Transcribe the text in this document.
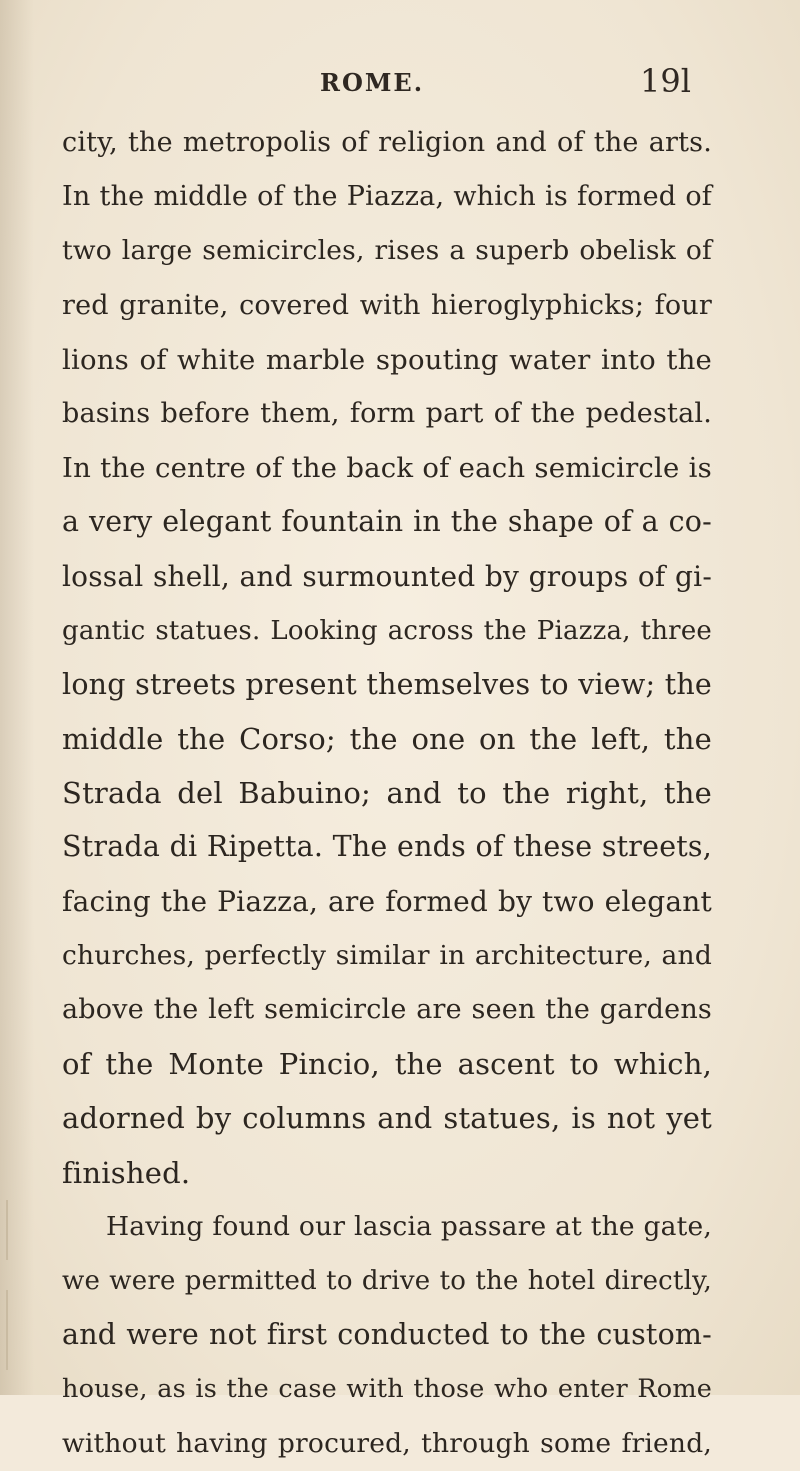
ROME.	19l
city, the metropolis of religion and of the arts.
In the middle of the Piazza, which is formed of
two large semicircles, rises a superb obelisk of
red granite, covered with hieroglyphicks; four
lions of white marble spouting water into the
basins before them, form part of the pedestal.
In the centre of the back of each semicircle is
a very elegant fountain in the shape of a co-
lossal shell, and surmounted by groups of gi-
gantic statues. Looking across the Piazza, three
long streets present themselves to view; the
middle the Corso; the one on the left, the
Strada del Babuino; and to the right, the
Strada di Ripetta. The ends of these streets,
facing the Piazza, are formed by two elegant
churches, perfectly similar in architecture, and
above the left semicircle are seen the gardens
of the Monte Pincio, the ascent to which,
adorned by columns and statues, is not yet
finished.
Having found our lascia passare at the gate,
we were permitted to drive to the hotel directly,
and were not first conducted to the custom-
house, as is the case with those who enter Rome
without having procured, through some friend,
